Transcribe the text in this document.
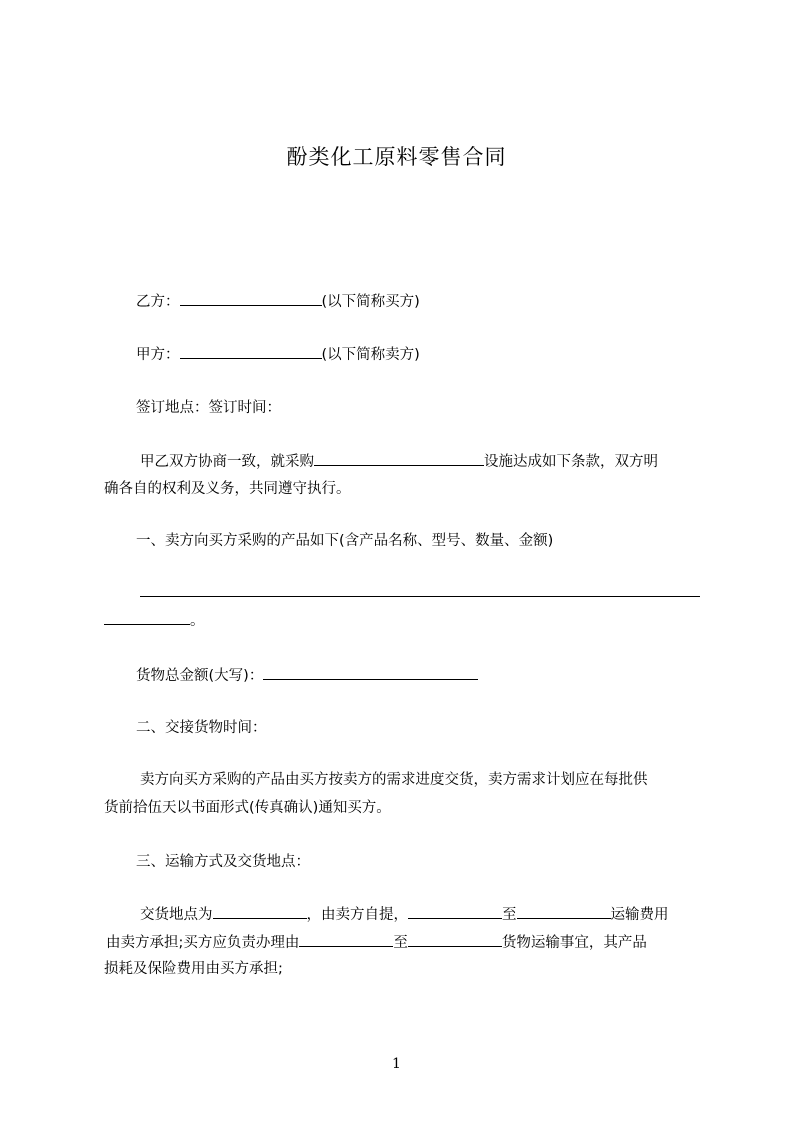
酚类化工原料零售合同
乙方：	(以下简称买方)
甲方：	(以下简称卖方)
签订地点：签订时间：
甲乙双方协商一致，就采购	设施达成如下条款，双方明
确各自的权利及义务，共同遵守执行。
一、卖方向买方采购的产品如下(含产品名称、型号、数量、金额)
。
货物总金额(大写)：
二、交接货物时间：
卖方向买方采购的产品由买方按卖方的需求进度交货，卖方需求计划应在每批供
货前拾伍天以书面形式(传真确认)通知买方。
三、运输方式及交货地点：
交货地点为	，由卖方自提，	至	运输费用
由卖方承担;买方应负责办理由	至	货物运输事宜，其产品
损耗及保险费用由买方承担;
1
